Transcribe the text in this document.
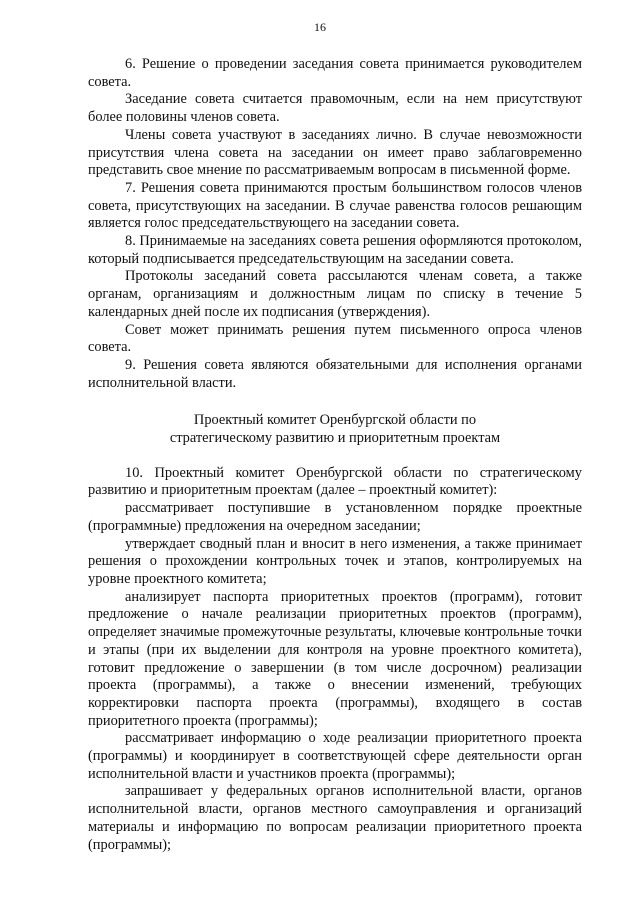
16

6. Решение о проведении заседания совета принимается руководителем совета.

Заседание совета считается правомочным, если на нем присутствуют более половины членов совета.

Члены совета участвуют в заседаниях лично. В случае невозможности присутствия члена совета на заседании он имеет право заблаговременно представить свое мнение по рассматриваемым вопросам в письменной форме.

7. Решения совета принимаются простым большинством голосов членов совета, присутствующих на заседании. В случае равенства голосов решающим является голос председательствующего на заседании совета.

8. Принимаемые на заседаниях совета решения оформляются протоколом, который подписывается председательствующим на заседании совета.

Протоколы заседаний совета рассылаются членам совета, а также органам, организациям и должностным лицам по списку в течение 5 календарных дней после их подписания (утверждения).

Совет может принимать решения путем письменного опроса членов совета.

9. Решения совета являются обязательными для исполнения органами исполнительной власти.

Проектный комитет Оренбургской области по
стратегическому развитию и приоритетным проектам

10. Проектный комитет Оренбургской области по стратегическому развитию и приоритетным проектам (далее – проектный комитет):

рассматривает поступившие в установленном порядке проектные (программные) предложения на очередном заседании;

утверждает сводный план и вносит в него изменения, а также принимает решения о прохождении контрольных точек и этапов, контролируемых на уровне проектного комитета;

анализирует паспорта приоритетных проектов (программ), готовит предложение о начале реализации приоритетных проектов (программ), определяет значимые промежуточные результаты, ключевые контрольные точки и этапы (при их выделении для контроля на уровне проектного комитета), готовит предложение о завершении (в том числе досрочном) реализации проекта (программы), а также о внесении изменений, требующих корректировки паспорта проекта (программы), входящего в состав приоритетного проекта (программы);

рассматривает информацию о ходе реализации приоритетного проекта (программы) и координирует в соответствующей сфере деятельности орган исполнительной власти и участников проекта (программы);

запрашивает у федеральных органов исполнительной власти, органов исполнительной власти, органов местного самоуправления и организаций материалы и информацию по вопросам реализации приоритетного проекта (программы);
